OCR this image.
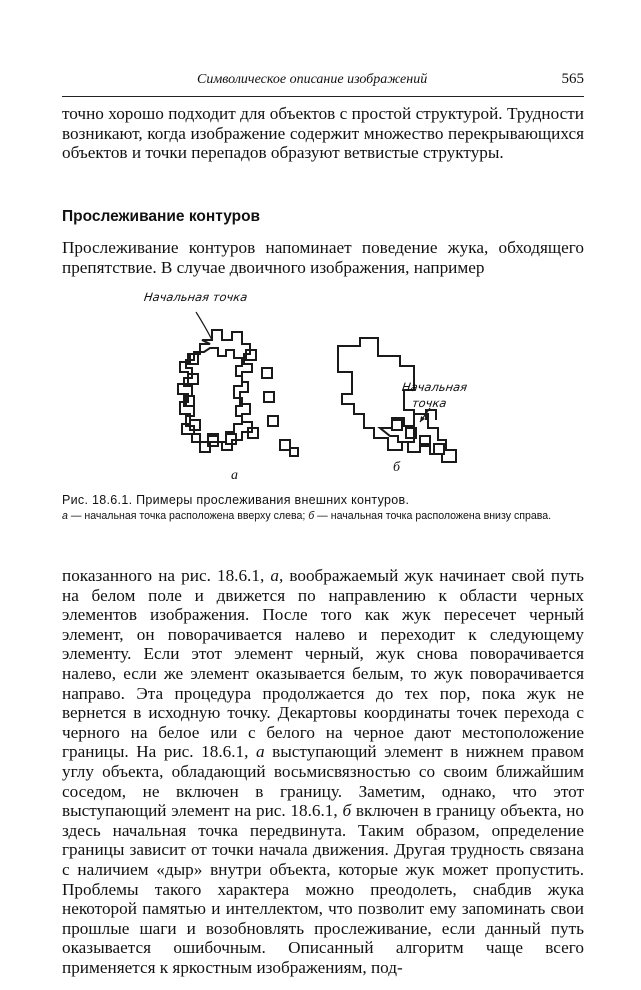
Символическое описание изображений	565
точно хорошо подходит для объектов с простой структурой. Трудности возникают, когда изображение содержит множество перекрывающихся объектов и точки перепадов образуют ветвистые структуры.
Прослеживание контуров
Прослеживание контуров напоминает поведение жука, обходящего препятствие. В случае двоичного изображения, например
Начальная точка
Начальная
точка
а
б
Рис. 18.6.1. Примеры прослеживания внешних контуров.
а — начальная точка расположена вверху слева; б — начальная точка расположена внизу справа.
показанного на рис. 18.6.1, а, воображаемый жук начинает свой путь на белом поле и движется по направлению к области черных элементов изображения. После того как жук пересечет черный элемент, он поворачивается налево и переходит к следующему элементу. Если этот элемент черный, жук снова поворачивается налево, если же элемент оказывается белым, то жук поворачивается направо. Эта процедура продолжается до тех пор, пока жук не вернется в исходную точку. Декартовы координаты точек перехода с черного на белое или с белого на черное дают местоположение границы. На рис. 18.6.1, а выступающий элемент в нижнем правом углу объекта, обладающий восьмисвязностью со своим ближайшим соседом, не включен в границу. Заметим, однако, что этот выступающий элемент на рис. 18.6.1, б включен в границу объекта, но здесь начальная точка передвинута. Таким образом, определение границы зависит от точки начала движения. Другая трудность связана с наличием «дыр» внутри объекта, которые жук может пропустить. Проблемы такого характера можно преодолеть, снабдив жука некоторой памятью и интеллектом, что позволит ему запоминать свои прошлые шаги и возобновлять прослеживание, если данный путь оказывается ошибочным. Описанный алгоритм чаще всего применяется к яркостным изображениям, под-
